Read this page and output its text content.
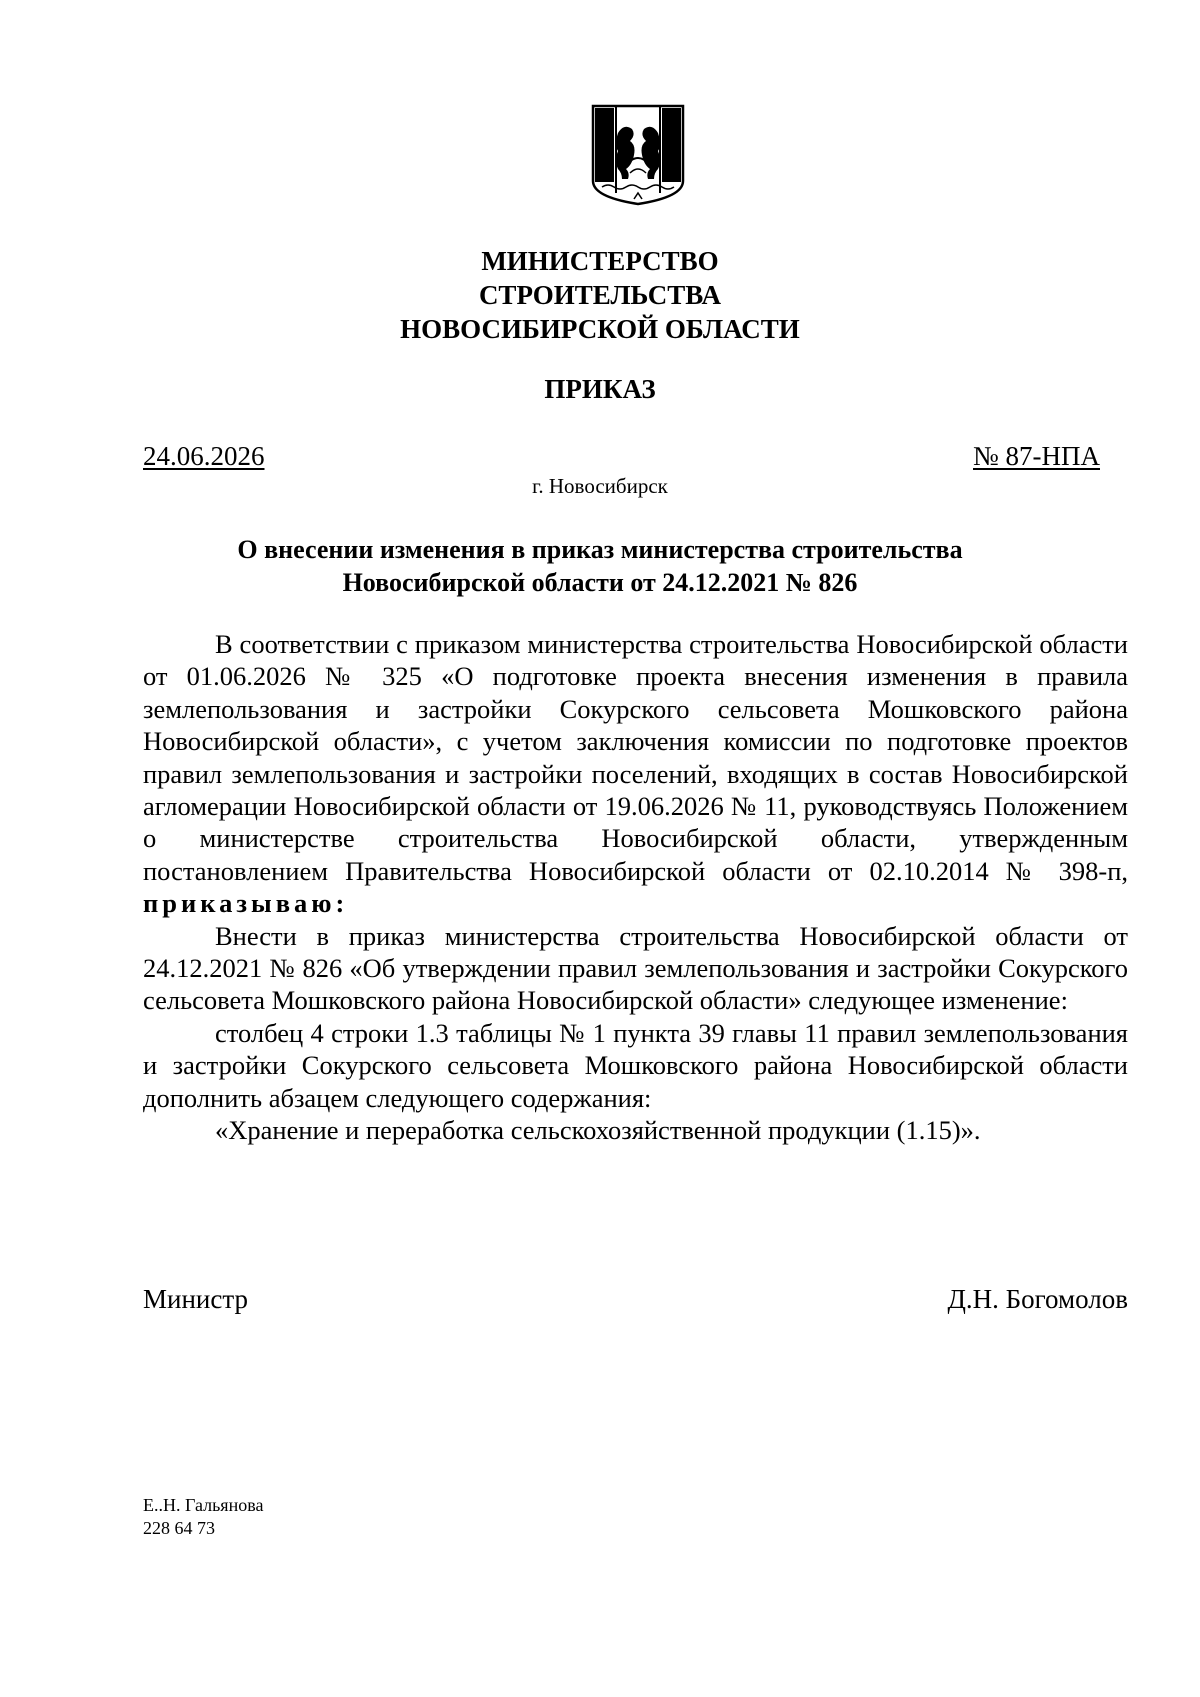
МИНИСТЕРСТВО
СТРОИТЕЛЬСТВА
НОВОСИБИРСКОЙ ОБЛАСТИ
ПРИКАЗ
24.06.2026	№ 87-НПА
г. Новосибирск
О внесении изменения в приказ министерства строительства
Новосибирской области от 24.12.2021 № 826

В соответствии с приказом министерства строительства Новосибирской области от 01.06.2026 № 325 «О подготовке проекта внесения изменения в правила землепользования и застройки Сокурского сельсовета Мошковского района Новосибирской области», с учетом заключения комиссии по подготовке проектов правил землепользования и застройки поселений, входящих в состав Новосибирской агломерации Новосибирской области от 19.06.2026 № 11, руководствуясь Положением о министерстве строительства Новосибирской области, утвержденным постановлением Правительства Новосибирской области от 02.10.2014 № 398-п, приказываю:

Внести в приказ министерства строительства Новосибирской области от 24.12.2021 № 826 «Об утверждении правил землепользования и застройки Сокурского сельсовета Мошковского района Новосибирской области» следующее изменение:

столбец 4 строки 1.3 таблицы № 1 пункта 39 главы 11 правил землепользования и застройки Сокурского сельсовета Мошковского района Новосибирской области дополнить абзацем следующего содержания:

«Хранение и переработка сельскохозяйственной продукции (1.15)».

Министр	Д.Н. Богомолов
Е..Н. Гальянова
228 64 73
